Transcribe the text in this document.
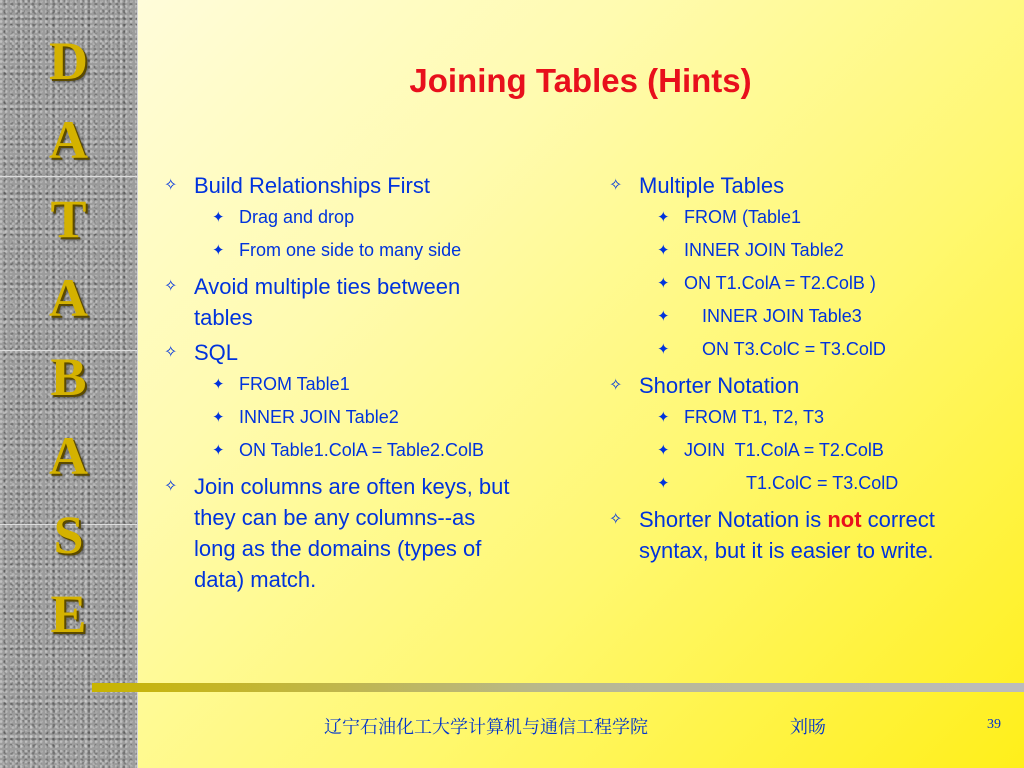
D
A
T
A
B
A
S
E
Joining Tables (Hints)
✧ Build Relationships First
✦ Drag and drop
✦ From one side to many side
✧ Avoid multiple ties between
tables
✧ SQL
✦ FROM Table1
✦ INNER JOIN Table2
✦ ON Table1.ColA = Table2.ColB
✧ Join columns are often keys, but
they can be any columns--as
long as the domains (types of
data) match.
✧ Multiple Tables
✦ FROM (Table1
✦ INNER JOIN Table2
✦ ON T1.ColA = T2.ColB )
✦ INNER JOIN Table3
✦ ON T3.ColC = T3.ColD
✧ Shorter Notation
✦ FROM T1, T2, T3
✦ JOIN  T1.ColA = T2.ColB
✦	T1.ColC = T3.ColD
✧ Shorter Notation is not correct
syntax, but it is easier to write.
辽宁石油化工大学计算机与通信工程学院	刘旸	39
